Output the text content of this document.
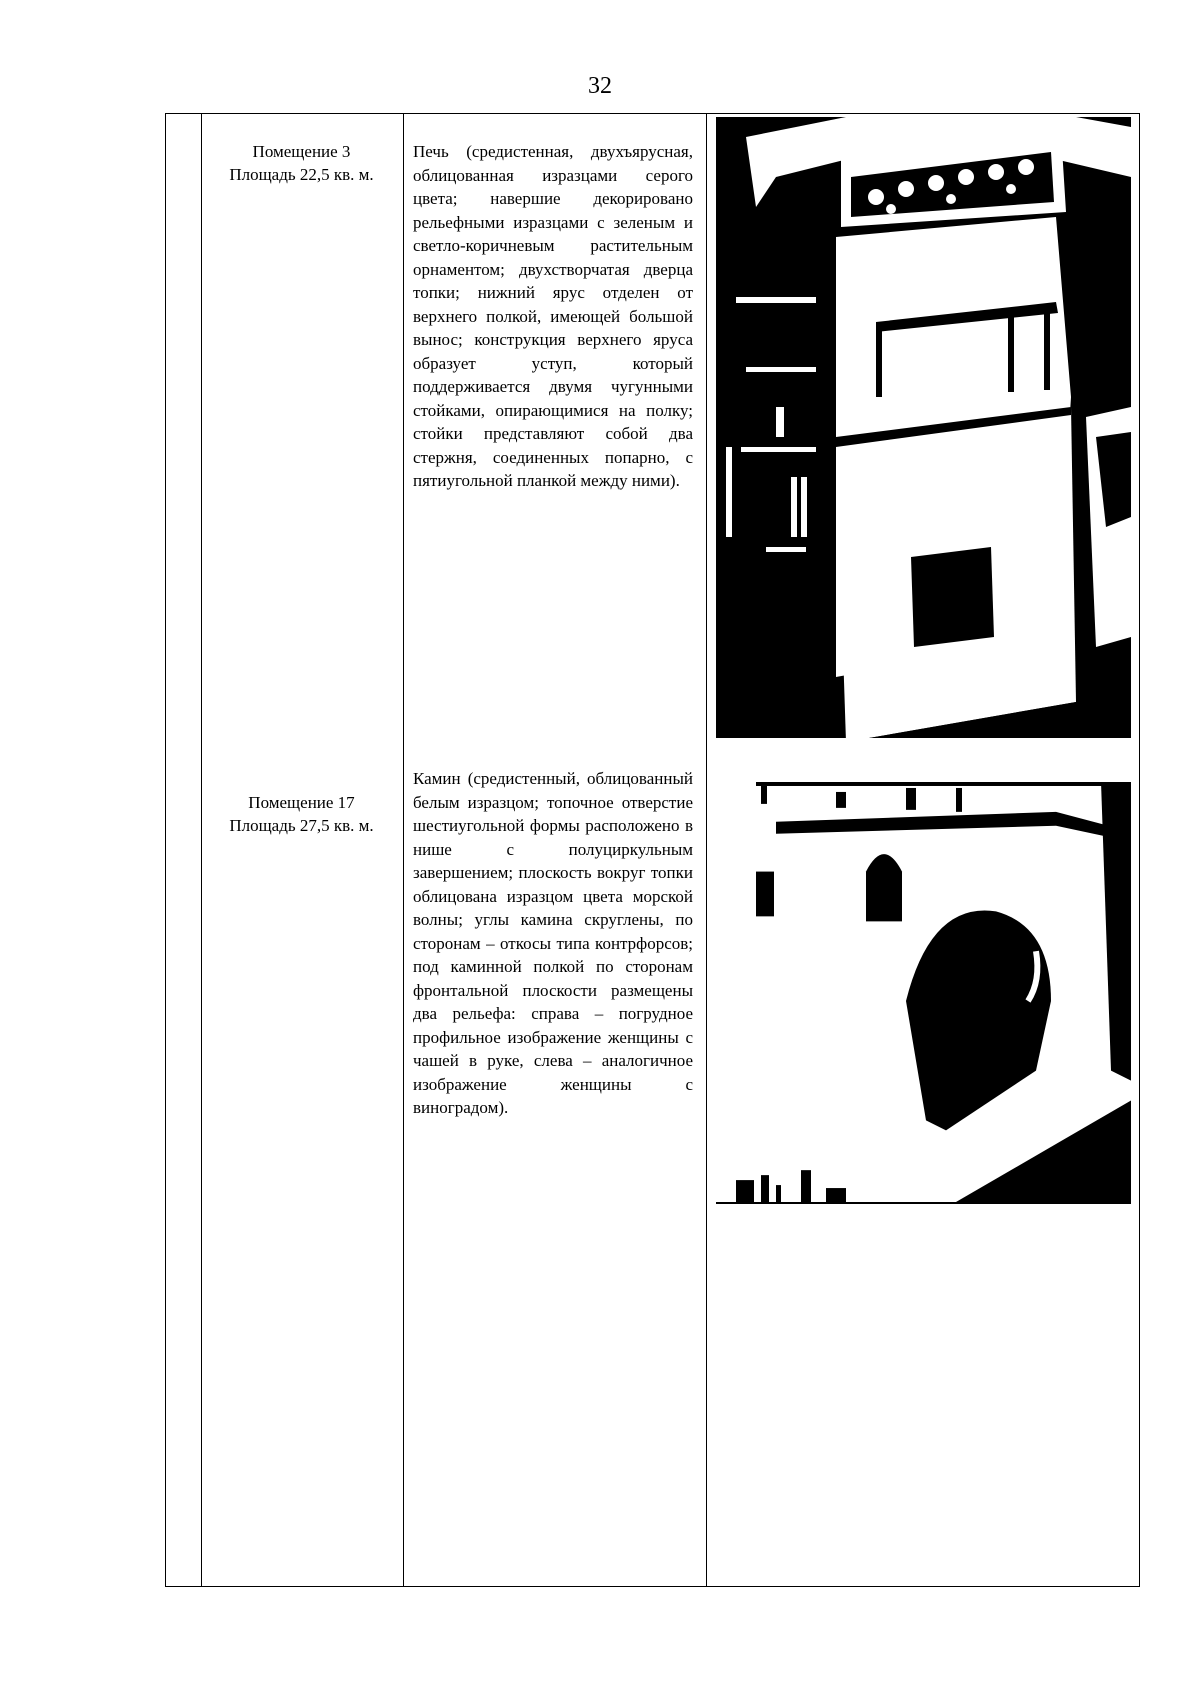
32
Помещение 3
Площадь 22,5 кв. м.
Печь (средистенная, двухъярусная, облицованная изразцами серого цвета; навершие декорировано рельефными изразцами с зеленым и светло-коричневым растительным орнаментом; двухстворчатая дверца топки; нижний ярус отделен от верхнего полкой, имеющей большой вынос; конструкция верхнего яруса образует уступ, который поддерживается двумя чугунными стойками, опирающимися на полку; стойки представляют собой два стержня, соединенных попарно, с пятиугольной планкой между ними).
Помещение 17
Площадь 27,5 кв. м.
Камин (средистенный, облицованный белым изразцом; топочное отверстие шестиугольной формы расположено в нише с полуциркульным завершением; плоскость вокруг топки облицована изразцом цвета морской волны; углы камина скруглены, по сторонам – откосы типа контрфорсов; под каминной полкой по сторонам фронтальной плоскости размещены два рельефа: справа – погрудное профильное изображение женщины с чашей в руке, слева – аналогичное изображение женщины с виноградом).
